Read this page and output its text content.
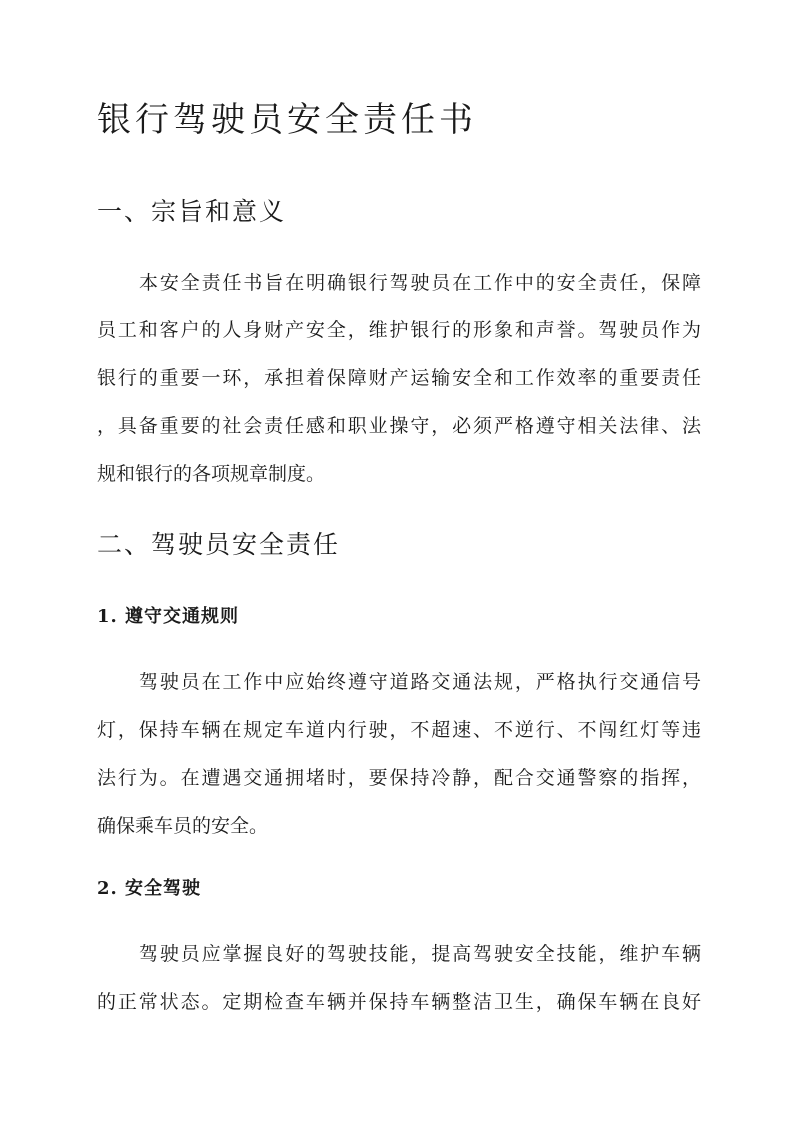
银行驾驶员安全责任书
一、宗旨和意义

本安全责任书旨在明确银行驾驶员在工作中的安全责任，保障

员工和客户的人身财产安全，维护银行的形象和声誉。驾驶员作为

银行的重要一环，承担着保障财产运输安全和工作效率的重要责任

，具备重要的社会责任感和职业操守，必须严格遵守相关法律、法

规和银行的各项规章制度。

二、驾驶员安全责任
1. 遵守交通规则

驾驶员在工作中应始终遵守道路交通法规，严格执行交通信号

灯，保持车辆在规定车道内行驶，不超速、不逆行、不闯红灯等违

法行为。在遭遇交通拥堵时，要保持冷静，配合交通警察的指挥，

确保乘车员的安全。

2. 安全驾驶

驾驶员应掌握良好的驾驶技能，提高驾驶安全技能，维护车辆

的正常状态。定期检查车辆并保持车辆整洁卫生，确保车辆在良好
